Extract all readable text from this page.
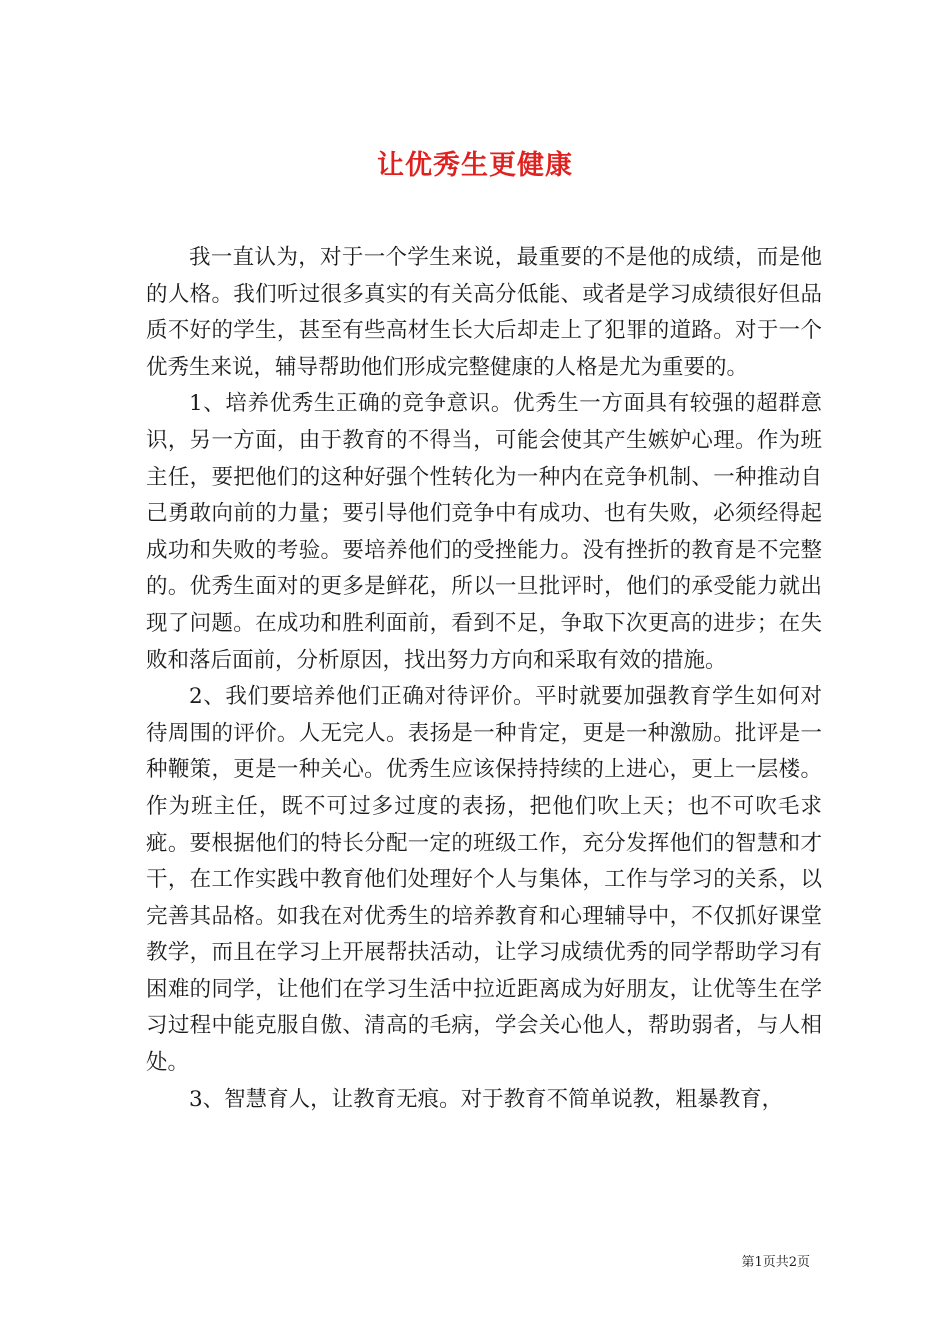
让优秀生更健康

我一直认为，对于一个学生来说，最重要的不是他的成绩，而是他的人格。我们听过很多真实的有关高分低能、或者是学习成绩很好但品质不好的学生，甚至有些高材生长大后却走上了犯罪的道路。对于一个优秀生来说，辅导帮助他们形成完整健康的人格是尤为重要的。

1、培养优秀生正确的竞争意识。优秀生一方面具有较强的超群意识，另一方面，由于教育的不得当，可能会使其产生嫉妒心理。作为班主任，要把他们的这种好强个性转化为一种内在竞争机制、一种推动自己勇敢向前的力量；要引导他们竞争中有成功、也有失败，必须经得起成功和失败的考验。要培养他们的受挫能力。没有挫折的教育是不完整的。优秀生面对的更多是鲜花，所以一旦批评时，他们的承受能力就出现了问题。在成功和胜利面前，看到不足，争取下次更高的进步；在失败和落后面前，分析原因，找出努力方向和采取有效的措施。

2、我们要培养他们正确对待评价。平时就要加强教育学生如何对待周围的评价。人无完人。表扬是一种肯定，更是一种激励。批评是一种鞭策，更是一种关心。优秀生应该保持持续的上进心，更上一层楼。作为班主任，既不可过多过度的表扬，把他们吹上天；也不可吹毛求疵。要根据他们的特长分配一定的班级工作，充分发挥他们的智慧和才干，在工作实践中教育他们处理好个人与集体，工作与学习的关系，以完善其品格。如我在对优秀生的培养教育和心理辅导中，不仅抓好课堂教学，而且在学习上开展帮扶活动，让学习成绩优秀的同学帮助学习有困难的同学，让他们在学习生活中拉近距离成为好朋友，让优等生在学习过程中能克服自傲、清高的毛病，学会关心他人，帮助弱者，与人相处。

3、智慧育人，让教育无痕。对于教育不简单说教，粗暴教育，

第1页共2页
